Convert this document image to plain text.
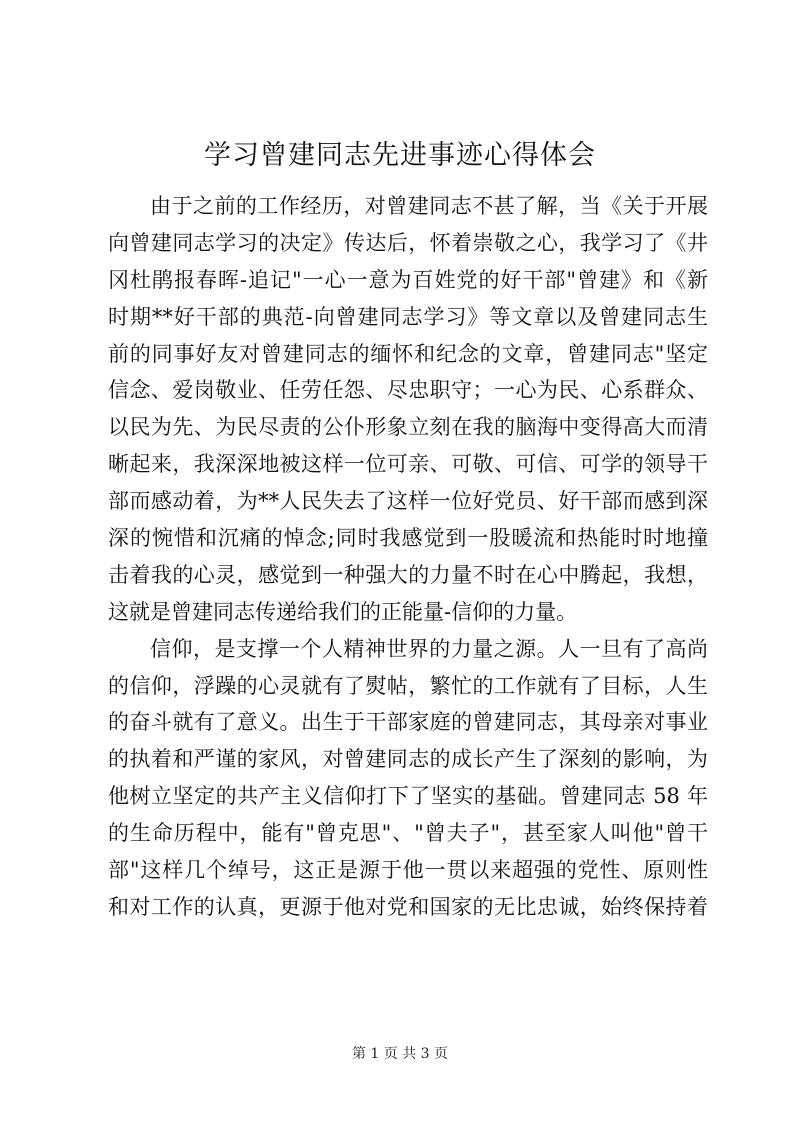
学习曾建同志先进事迹心得体会
由于之前的工作经历，对曾建同志不甚了解，当《关于开展
向曾建同志学习的决定》传达后，怀着崇敬之心，我学习了《井
冈杜鹃报春晖-追记"一心一意为百姓党的好干部"曾建》和《新
时期**好干部的典范-向曾建同志学习》等文章以及曾建同志生
前的同事好友对曾建同志的缅怀和纪念的文章，曾建同志"坚定
信念、爱岗敬业、任劳任怨、尽忠职守；一心为民、心系群众、
以民为先、为民尽责的公仆形象立刻在我的脑海中变得高大而清
晰起来，我深深地被这样一位可亲、可敬、可信、可学的领导干
部而感动着，为**人民失去了这样一位好党员、好干部而感到深
深的惋惜和沉痛的悼念;同时我感觉到一股暖流和热能时时地撞
击着我的心灵，感觉到一种强大的力量不时在心中腾起，我想，
这就是曾建同志传递给我们的正能量-信仰的力量。
信仰，是支撑一个人精神世界的力量之源。人一旦有了高尚
的信仰，浮躁的心灵就有了熨帖，繁忙的工作就有了目标，人生
的奋斗就有了意义。出生于干部家庭的曾建同志，其母亲对事业
的执着和严谨的家风，对曾建同志的成长产生了深刻的影响，为
他树立坚定的共产主义信仰打下了坚实的基础。曾建同志 58 年
的生命历程中，能有"曾克思"、"曾夫子"，甚至家人叫他"曾干
部"这样几个绰号，这正是源于他一贯以来超强的党性、原则性
和对工作的认真，更源于他对党和国家的无比忠诚，始终保持着
第 1 页 共 3 页
